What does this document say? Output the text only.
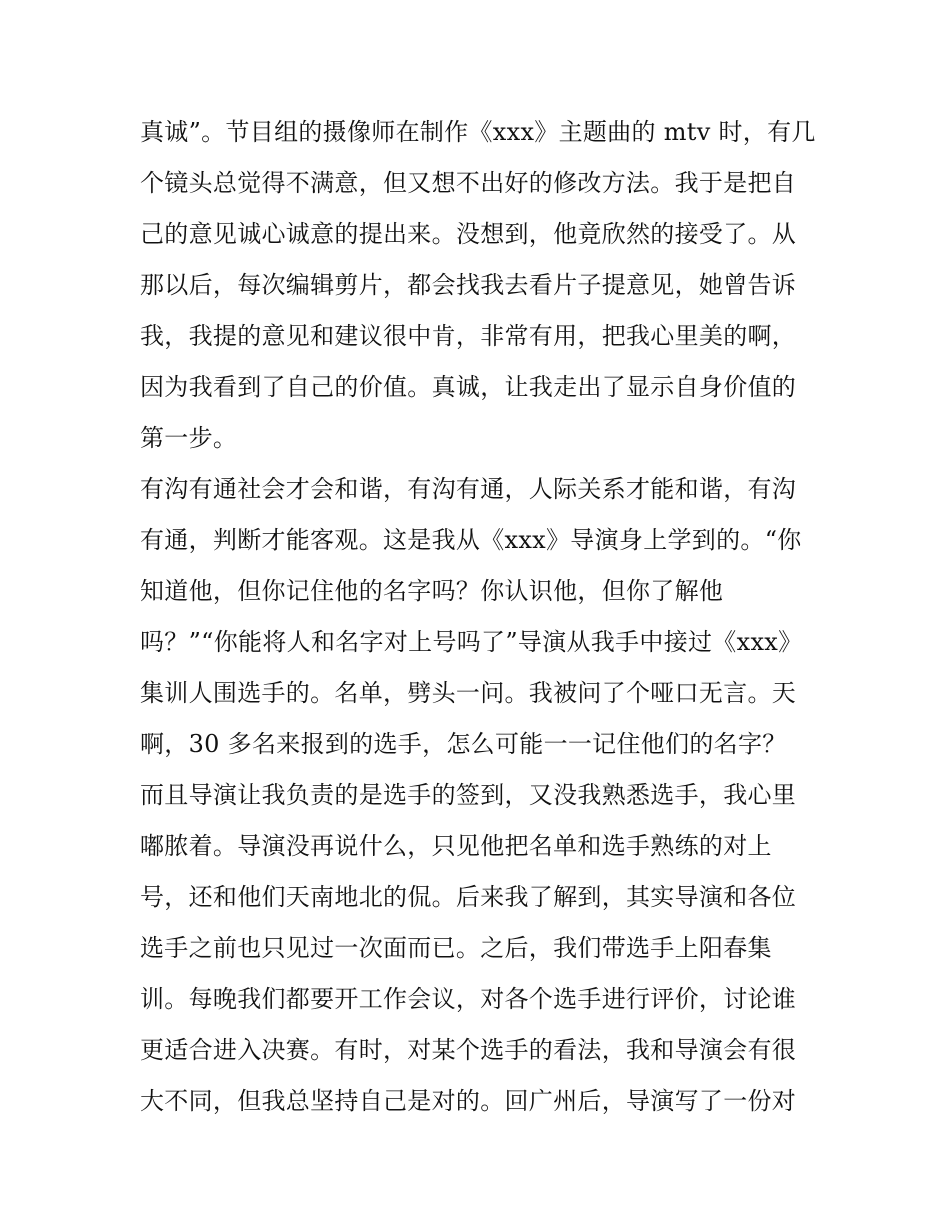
真诚”。节目组的摄像师在制作《xxx》主题曲的 mtv 时，有几
个镜头总觉得不满意，但又想不出好的修改方法。我于是把自
己的意见诚心诚意的提出来。没想到，他竟欣然的接受了。从
那以后，每次编辑剪片，都会找我去看片子提意见，她曾告诉
我，我提的意见和建议很中肯，非常有用，把我心里美的啊，
因为我看到了自己的价值。真诚，让我走出了显示自身价值的
第一步。
有沟有通社会才会和谐，有沟有通，人际关系才能和谐，有沟
有通，判断才能客观。这是我从《xxx》导演身上学到的。“你
知道他，但你记住他的名字吗？你认识他，但你了解他
吗？”“你能将人和名字对上号吗了”导演从我手中接过《xxx》
集训人围选手的。名单，劈头一问。我被问了个哑口无言。天
啊，30 多名来报到的选手，怎么可能一一记住他们的名字？
而且导演让我负责的是选手的签到，又没我熟悉选手，我心里
嘟脓着。导演没再说什么，只见他把名单和选手熟练的对上
号，还和他们天南地北的侃。后来我了解到，其实导演和各位
选手之前也只见过一次面而已。之后，我们带选手上阳春集
训。每晚我们都要开工作会议，对各个选手进行评价，讨论谁
更适合进入决赛。有时，对某个选手的看法，我和导演会有很
大不同，但我总坚持自己是对的。回广州后，导演写了一份对
